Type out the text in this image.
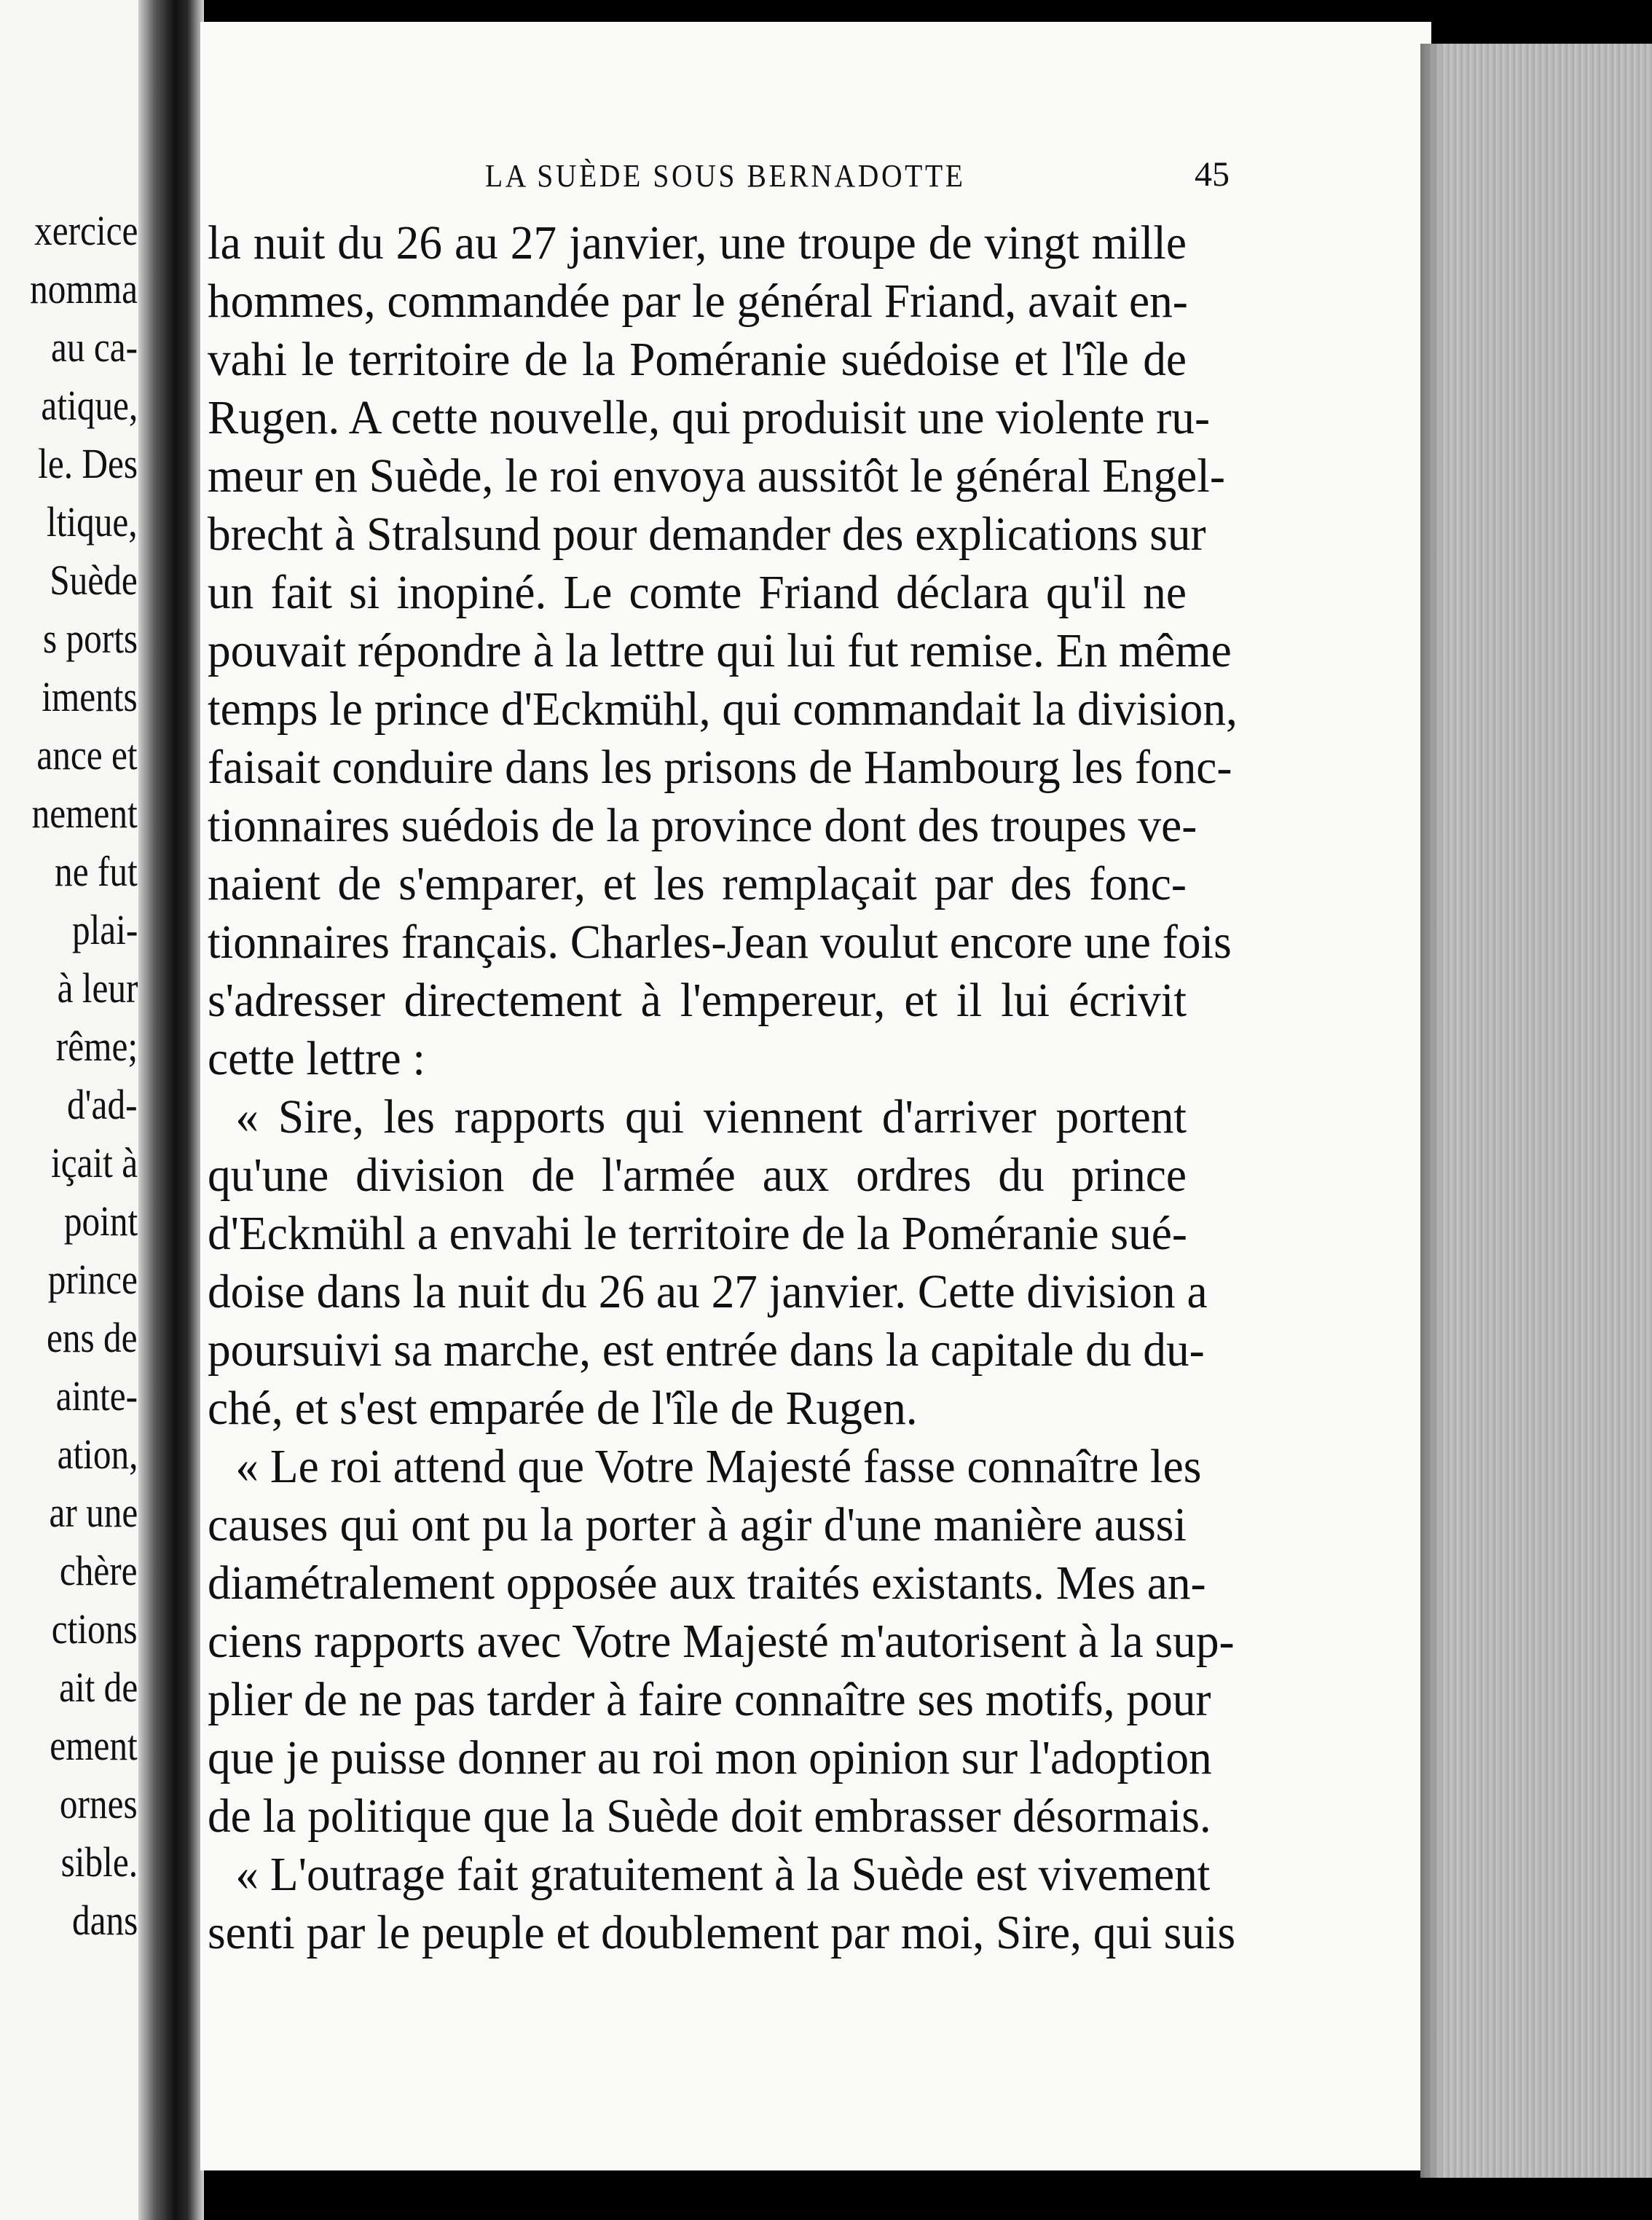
xercice
nomma
au ca-
atique,
le. Des
ltique,
Suède
s ports
iments
ance et
nement
ne fut
plai-
à leur
rême;
d'ad-
içait à
point
prince
ens de
ainte-
ation,
ar une
chère
ctions
ait de
ement
ornes
sible.
dans
LA SUÈDE SOUS BERNADOTTE	45
la nuit du 26 au 27 janvier, une troupe de vingt mille
hommes, commandée par le général Friand, avait en-
vahi le territoire de la Poméranie suédoise et l'île de
Rugen. A cette nouvelle, qui produisit une violente ru-
meur en Suède, le roi envoya aussitôt le général Engel-
brecht à Stralsund pour demander des explications sur
un fait si inopiné. Le comte Friand déclara qu'il ne
pouvait répondre à la lettre qui lui fut remise. En même
temps le prince d'Eckmühl, qui commandait la division,
faisait conduire dans les prisons de Hambourg les fonc-
tionnaires suédois de la province dont des troupes ve-
naient de s'emparer, et les remplaçait par des fonc-
tionnaires français. Charles-Jean voulut encore une fois
s'adresser directement à l'empereur, et il lui écrivit
cette lettre :
« Sire, les rapports qui viennent d'arriver portent
qu'une division de l'armée aux ordres du prince
d'Eckmühl a envahi le territoire de la Poméranie sué-
doise dans la nuit du 26 au 27 janvier. Cette division a
poursuivi sa marche, est entrée dans la capitale du du-
ché, et s'est emparée de l'île de Rugen.
« Le roi attend que Votre Majesté fasse connaître les
causes qui ont pu la porter à agir d'une manière aussi
diamétralement opposée aux traités existants. Mes an-
ciens rapports avec Votre Majesté m'autorisent à la sup-
plier de ne pas tarder à faire connaître ses motifs, pour
que je puisse donner au roi mon opinion sur l'adoption
de la politique que la Suède doit embrasser désormais.
« L'outrage fait gratuitement à la Suède est vivement
senti par le peuple et doublement par moi, Sire, qui suis
